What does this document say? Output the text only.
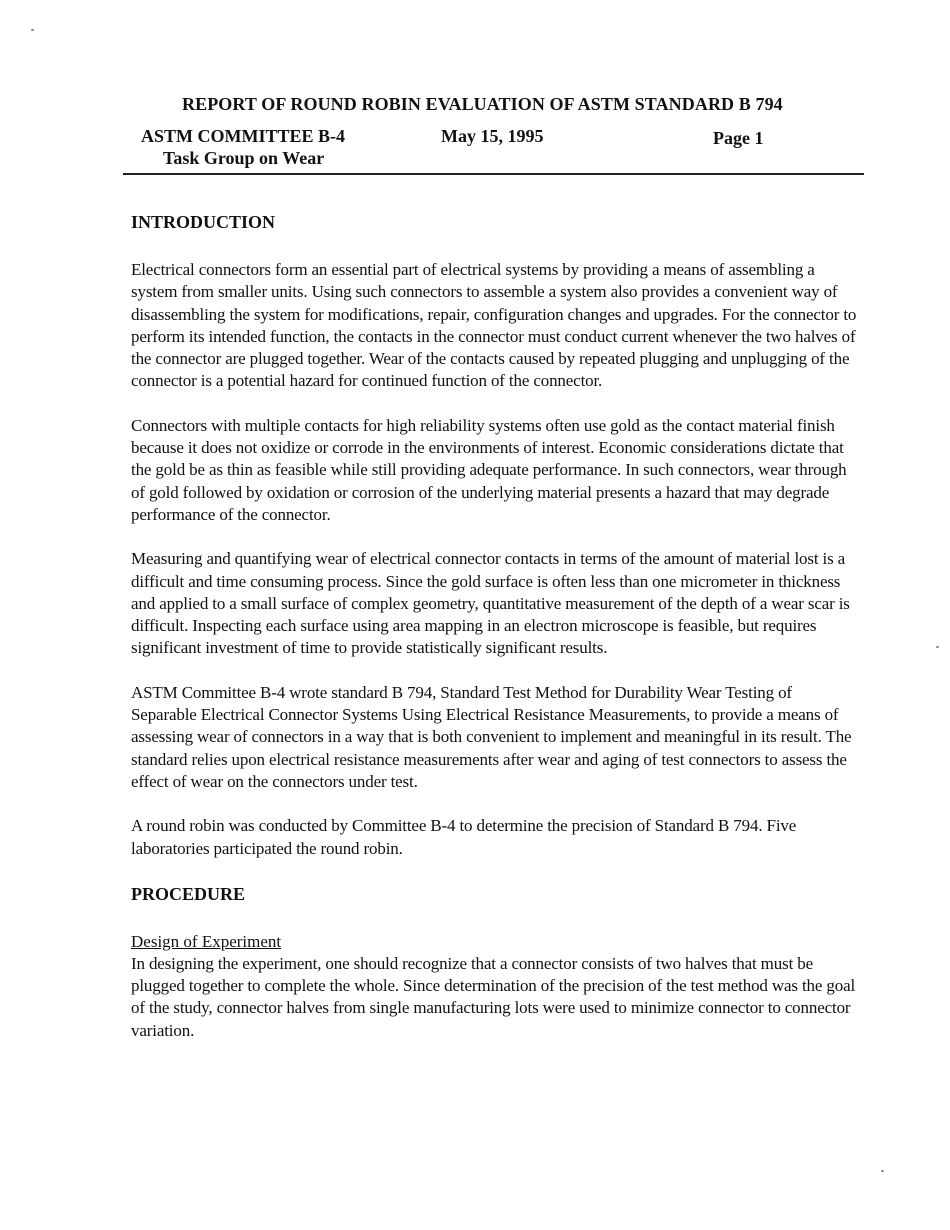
REPORT OF ROUND ROBIN EVALUATION OF ASTM STANDARD B 794
ASTM COMMITTEE B-4
Task Group on Wear
May 15, 1995	Page 1
INTRODUCTION

Electrical connectors form an essential part of electrical systems by providing a means of assembling a system from smaller units. Using such connectors to assemble a system also provides a convenient way of disassembling the system for modifications, repair, configuration changes and upgrades. For the connector to perform its intended function, the contacts in the connector must conduct current whenever the two halves of the connector are plugged together. Wear of the contacts caused by repeated plugging and unplugging of the connector is a potential hazard for continued function of the connector.

Connectors with multiple contacts for high reliability systems often use gold as the contact material finish because it does not oxidize or corrode in the environments of interest. Economic considerations dictate that the gold be as thin as feasible while still providing adequate performance. In such connectors, wear through of gold followed by oxidation or corrosion of the underlying material presents a hazard that may degrade performance of the connector.

Measuring and quantifying wear of electrical connector contacts in terms of the amount of material lost is a difficult and time consuming process. Since the gold surface is often less than one micrometer in thickness and applied to a small surface of complex geometry, quantitative measurement of the depth of a wear scar is difficult. Inspecting each surface using area mapping in an electron microscope is feasible, but requires significant investment of time to provide statistically significant results.

ASTM Committee B-4 wrote standard B 794, Standard Test Method for Durability Wear Testing of Separable Electrical Connector Systems Using Electrical Resistance Measurements, to provide a means of assessing wear of connectors in a way that is both convenient to implement and meaningful in its result. The standard relies upon electrical resistance measurements after wear and aging of test connectors to assess the effect of wear on the connectors under test.

A round robin was conducted by Committee B-4 to determine the precision of Standard B 794. Five laboratories participated the round robin.

PROCEDURE
Design of Experiment

In designing the experiment, one should recognize that a connector consists of two halves that must be plugged together to complete the whole. Since determination of the precision of the test method was the goal of the study, connector halves from single manufacturing lots were used to minimize connector to connector variation.
